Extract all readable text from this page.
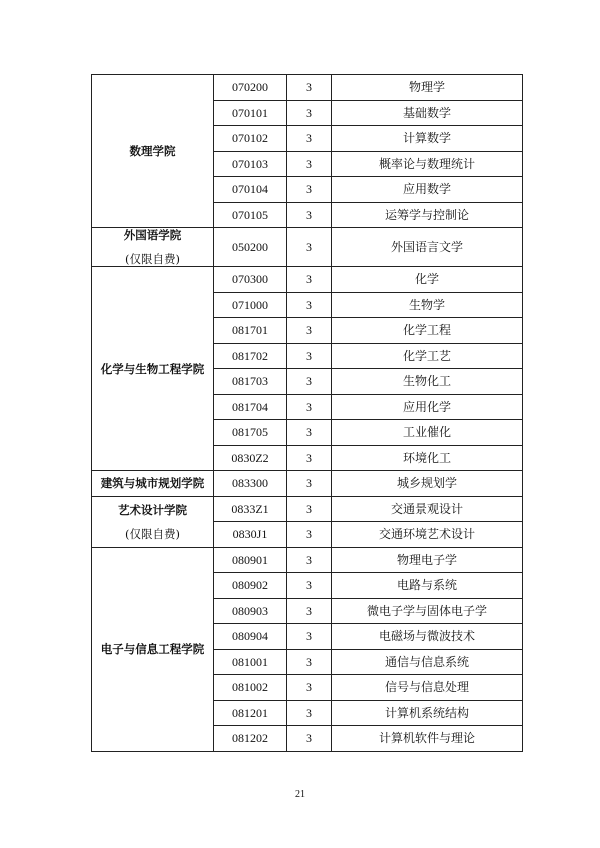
数理学院	070200	3	物理学
	070101	3	基础数学
	070102	3	计算数学
	070103	3	概率论与数理统计
	070104	3	应用数学
	070105	3	运筹学与控制论

外国语学院
(仅限自费)	050200	3	外国语言文学

化学与生物工程学院	070300	3	化学
	071000	3	生物学
	081701	3	化学工程
	081702	3	化学工艺
	081703	3	生物化工
	081704	3	应用化学
	081705	3	工业催化
	0830Z2	3	环境化工

建筑与城市规划学院	083300	3	城乡规划学

艺术设计学院
(仅限自费)	0833Z1	3	交通景观设计
	0830J1	3	交通环境艺术设计

电子与信息工程学院	080901	3	物理电子学
	080902	3	电路与系统
	080903	3	微电子学与固体电子学
	080904	3	电磁场与微波技术
	081001	3	通信与信息系统
	081002	3	信号与信息处理
	081201	3	计算机系统结构
	081202	3	计算机软件与理论
21
